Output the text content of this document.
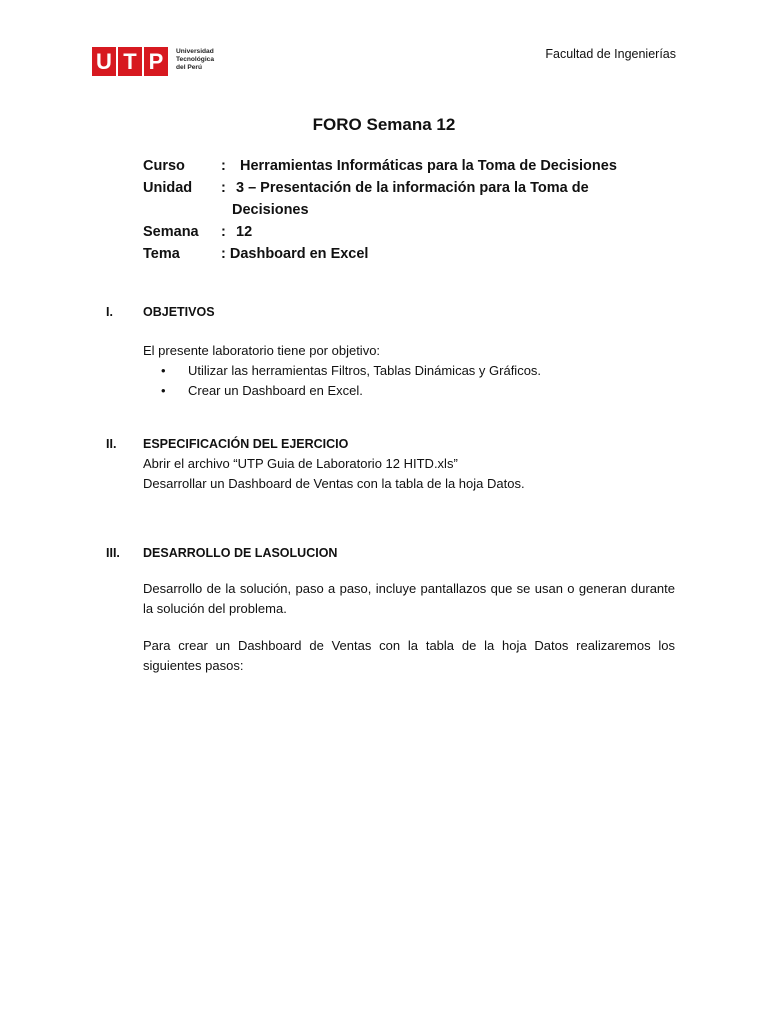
U T P	Universidad
Tecnológica
del Perú
Facultad de Ingenierías
FORO Semana 12
Curso : Herramientas Informáticas para la Toma de Decisiones
Unidad : 3 – Presentación de la información para la Toma de
Decisiones
Semana : 12
Tema	: Dashboard en Excel
I. OBJETIVOS
El presente laboratorio tiene por objetivo:
• Utilizar las herramientas Filtros, Tablas Dinámicas y Gráficos.
• Crear un Dashboard en Excel.
II. ESPECIFICACIÓN DEL EJERCICIO
Abrir el archivo “UTP Guia de Laboratorio 12 HITD.xls”
Desarrollar un Dashboard de Ventas con la tabla de la hoja Datos.
III. DESARROLLO DE LASOLUCION
Desarrollo de la solución, paso a paso, incluye pantallazos que se usan o generan durante la solución del problema.
Para crear un Dashboard de Ventas con la tabla de la hoja Datos realizaremos los siguientes pasos:
